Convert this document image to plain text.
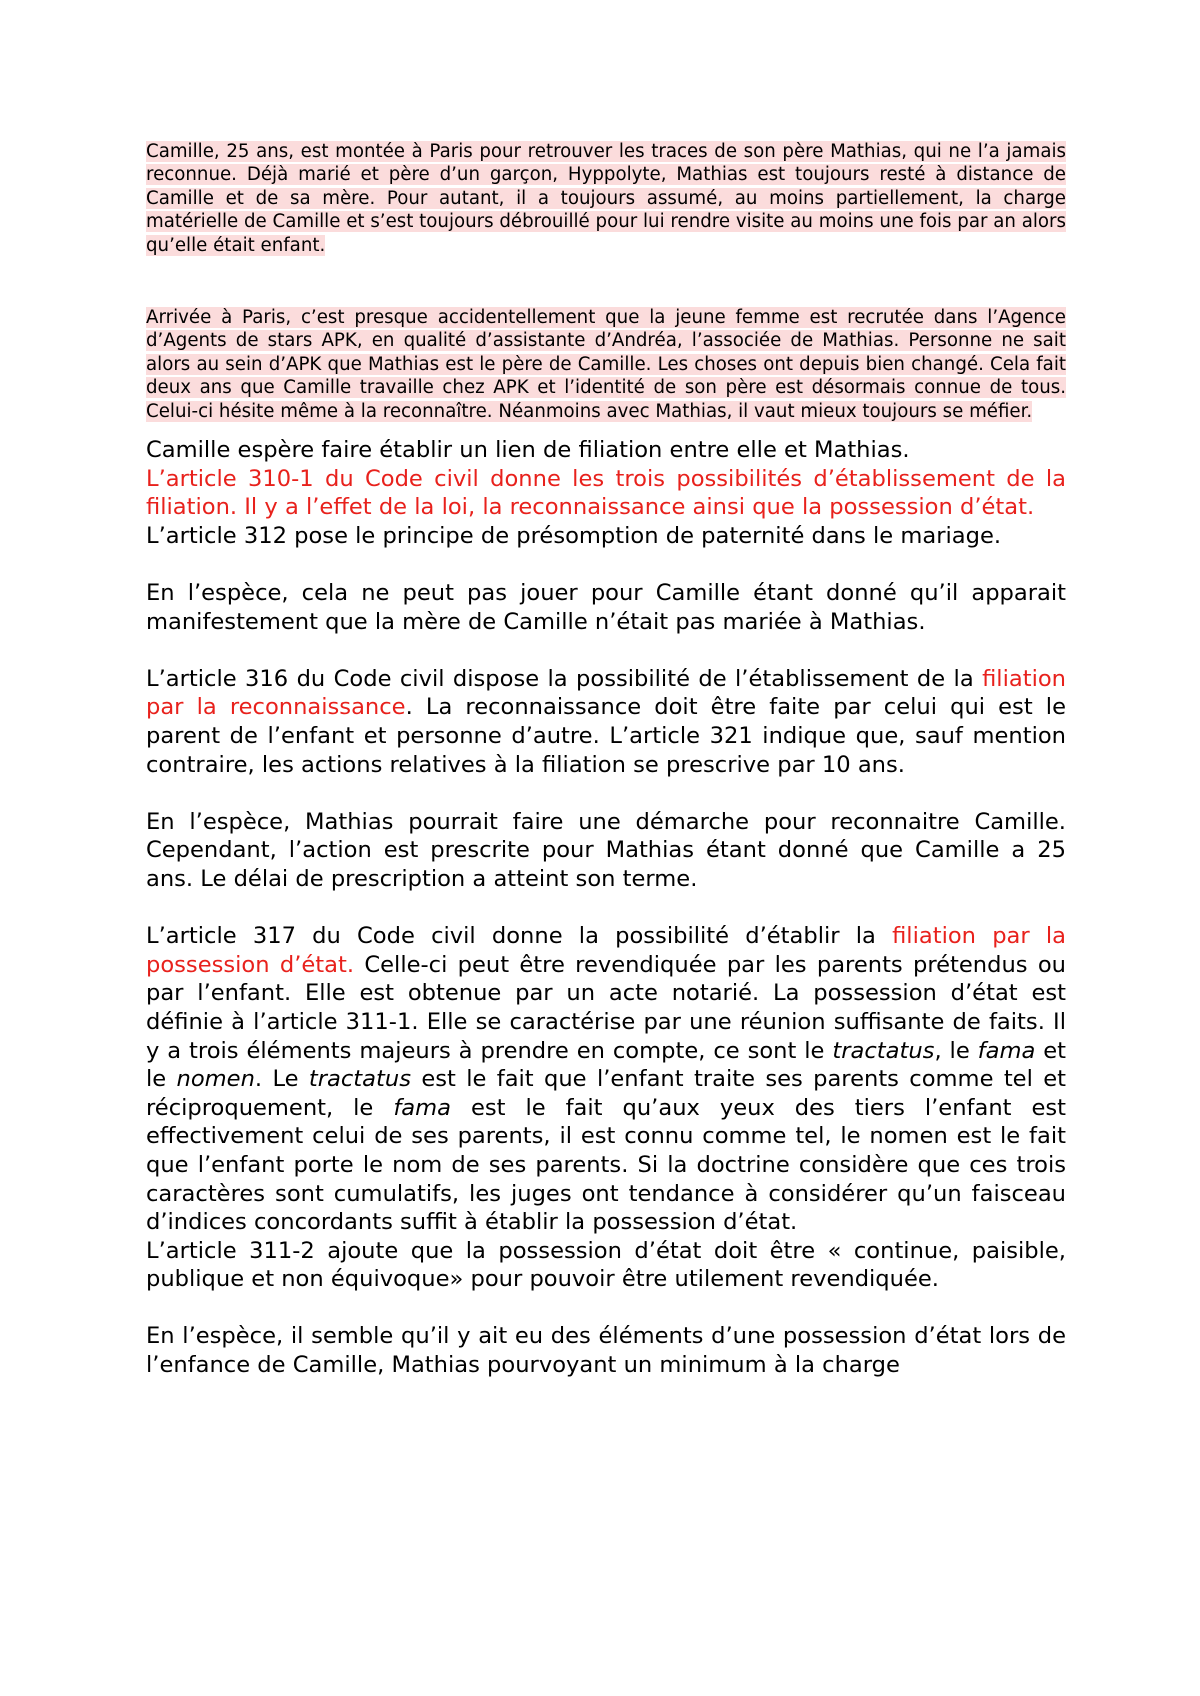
Camille, 25 ans, est montée à Paris pour retrouver les traces de son père Mathias, qui ne l’a jamais reconnue. Déjà marié et père d’un garçon, Hyppolyte, Mathias est toujours resté à distance de Camille et de sa mère. Pour autant, il a toujours assumé, au moins partiellement, la charge matérielle de Camille et s’est toujours débrouillé pour lui rendre visite au moins une fois par an alors qu’elle était enfant.

Arrivée à Paris, c’est presque accidentellement que la jeune femme est recrutée dans l’Agence d’Agents de stars APK, en qualité d’assistante d’Andréa, l’associée de Mathias. Personne ne sait alors au sein d’APK que Mathias est le père de Camille. Les choses ont depuis bien changé. Cela fait deux ans que Camille travaille chez APK et l’identité de son père est désormais connue de tous. Celui-ci hésite même à la reconnaître. Néanmoins avec Mathias, il vaut mieux toujours se méfier.

Camille espère faire établir un lien de filiation entre elle et Mathias.

L’article 310-1 du Code civil donne les trois possibilités d’établissement de la filiation. Il y a l’effet de la loi, la reconnaissance ainsi que la possession d’état.

L’article 312 pose le principe de présomption de paternité dans le mariage.

En l’espèce, cela ne peut pas jouer pour Camille étant donné qu’il apparait manifestement que la mère de Camille n’était pas mariée à Mathias.

L’article 316 du Code civil dispose la possibilité de l’établissement de la filiation par la reconnaissance. La reconnaissance doit être faite par celui qui est le parent de l’enfant et personne d’autre. L’article 321 indique que, sauf mention contraire, les actions relatives à la filiation se prescrive par 10 ans.

En l’espèce, Mathias pourrait faire une démarche pour reconnaitre Camille. Cependant, l’action est prescrite pour Mathias étant donné que Camille a 25 ans. Le délai de prescription a atteint son terme.

L’article 317 du Code civil donne la possibilité d’établir la filiation par la possession d’état. Celle-ci peut être revendiquée par les parents prétendus ou par l’enfant. Elle est obtenue par un acte notarié. La possession d’état est définie à l’article 311-1. Elle se caractérise par une réunion suffisante de faits. Il y a trois éléments majeurs à prendre en compte, ce sont le tractatus, le fama et le nomen. Le tractatus est le fait que l’enfant traite ses parents comme tel et réciproquement, le fama est le fait qu’aux yeux des tiers l’enfant est effectivement celui de ses parents, il est connu comme tel, le nomen est le fait que l’enfant porte le nom de ses parents. Si la doctrine considère que ces trois caractères sont cumulatifs, les juges ont tendance à considérer qu’un faisceau d’indices concordants suffit à établir la possession d’état.

L’article 311-2 ajoute que la possession d’état doit être « continue, paisible, publique et non équivoque» pour pouvoir être utilement revendiquée.

En l’espèce, il semble qu’il y ait eu des éléments d’une possession d’état lors de l’enfance de Camille, Mathias pourvoyant un minimum à la charge
